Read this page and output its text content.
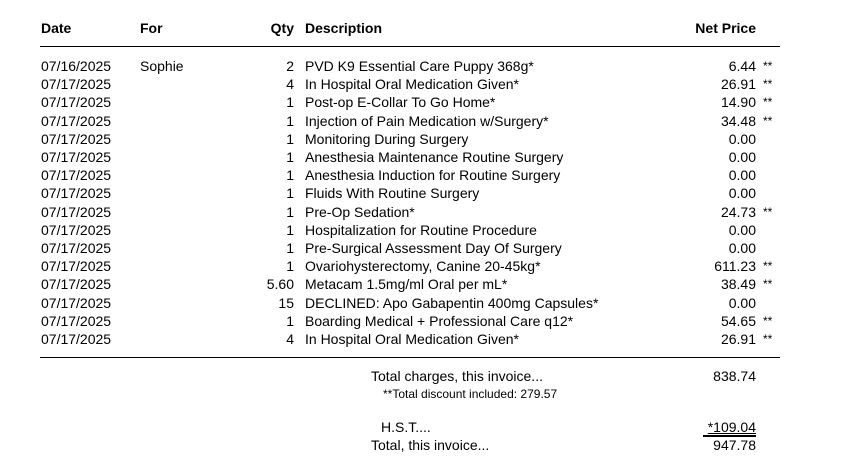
Date	For	Qty Description	Net Price
07/16/2025 Sophie	2 PVD K9 Essential Care Puppy 368g*	6.44 **
07/17/2025	4 In Hospital Oral Medication Given*	26.91 **
07/17/2025	1 Post-op E-Collar To Go Home*	14.90 **
07/17/2025	1 Injection of Pain Medication w/Surgery*	34.48 **
07/17/2025	1 Monitoring During Surgery	0.00
07/17/2025	1 Anesthesia Maintenance Routine Surgery	0.00
07/17/2025	1 Anesthesia Induction for Routine Surgery	0.00
07/17/2025	1 Fluids With Routine Surgery	0.00
07/17/2025	1 Pre-Op Sedation*	24.73 **
07/17/2025	1 Hospitalization for Routine Procedure	0.00
07/17/2025	1 Pre-Surgical Assessment Day Of Surgery	0.00
07/17/2025	1 Ovariohysterectomy, Canine 20-45kg*	611.23 **
07/17/2025	5.60 Metacam 1.5mg/ml Oral per mL*	38.49 **
07/17/2025	15 DECLINED: Apo Gabapentin 400mg Capsules*	0.00
07/17/2025	1 Boarding Medical + Professional Care q12*	54.65 **
07/17/2025	4 In Hospital Oral Medication Given*	26.91 **
Total charges, this invoice...	838.74
**Total discount included: 279.57
H.S.T....	*109.04
Total, this invoice...	947.78
